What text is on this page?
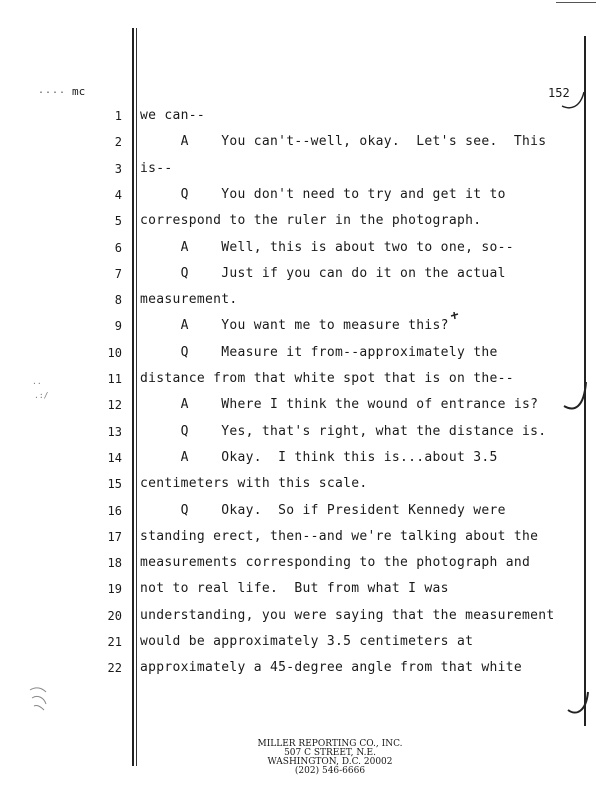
.... mc	152
..
.:/
1 we can--
2 A    You can't--well, okay.  Let's see.  This
3 is--
4 Q    You don't need to try and get it to
5 correspond to the ruler in the photograph.
6 A    Well, this is about two to one, so--
7 Q    Just if you can do it on the actual
8 measurement.
9 A    You want me to measure this?
10 Q    Measure it from--approximately the
11 distance from that white spot that is on the--
12 A    Where I think the wound of entrance is?
13 Q    Yes, that's right, what the distance is.
14 A    Okay.  I think this is...about 3.5
15 centimeters with this scale.
16 Q    Okay.  So if President Kennedy were
17 standing erect, then--and we're talking about the
18 measurements corresponding to the photograph and
19 not to real life.  But from what I was
20 understanding, you were saying that the measurement
21 would be approximately 3.5 centimeters at
22 approximately a 45-degree angle from that white
MILLER REPORTING CO., INC.
507 C STREET, N.E.
WASHINGTON, D.C. 20002
(202) 546-6666
